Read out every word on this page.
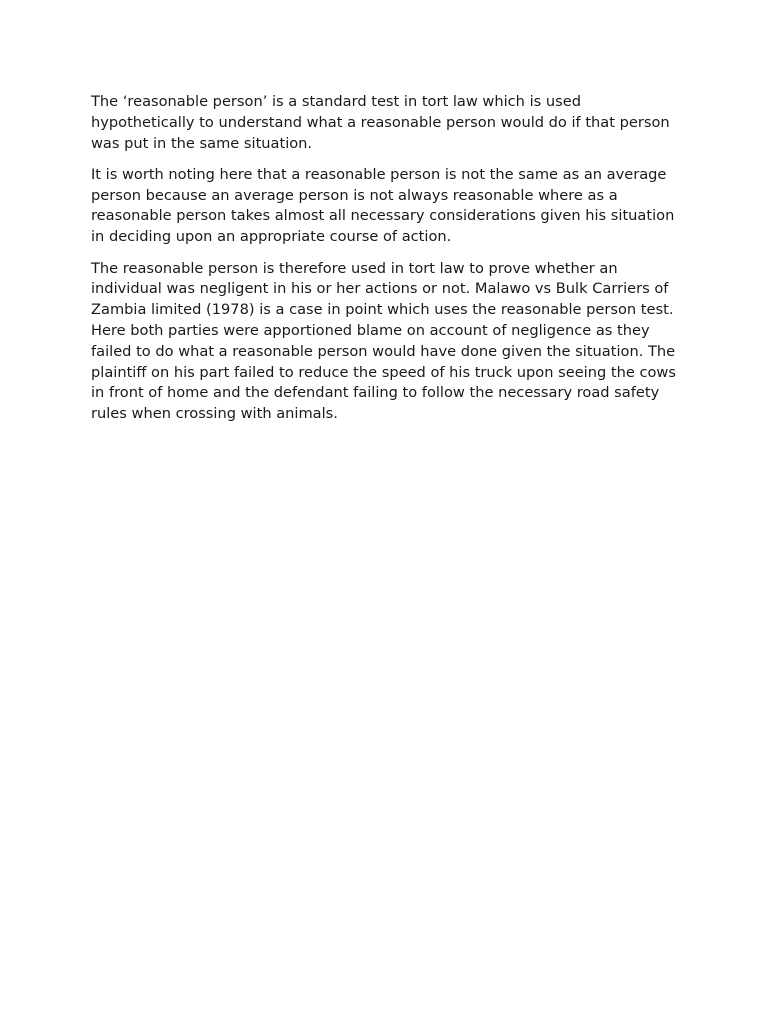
The ‘reasonable person’ is a standard test in tort law which is used hypothetically to understand what a reasonable person would do if that person was put in the same situation.

It is worth noting here that a reasonable person is not the same as an average person because an average person is not always reasonable where as a reasonable person takes almost all necessary considerations given his situation in deciding upon an appropriate course of action.

The reasonable person is therefore used in tort law to prove whether an individual was negligent in his or her actions or not. Malawo vs Bulk Carriers of Zambia limited (1978) is a case in point which uses the reasonable person test. Here both parties were apportioned blame on account of negligence as they failed to do what a reasonable person would have done given the situation. The plaintiff on his part failed to reduce the speed of his truck upon seeing the cows in front of home and the defendant failing to follow the necessary road safety rules when crossing with animals.
